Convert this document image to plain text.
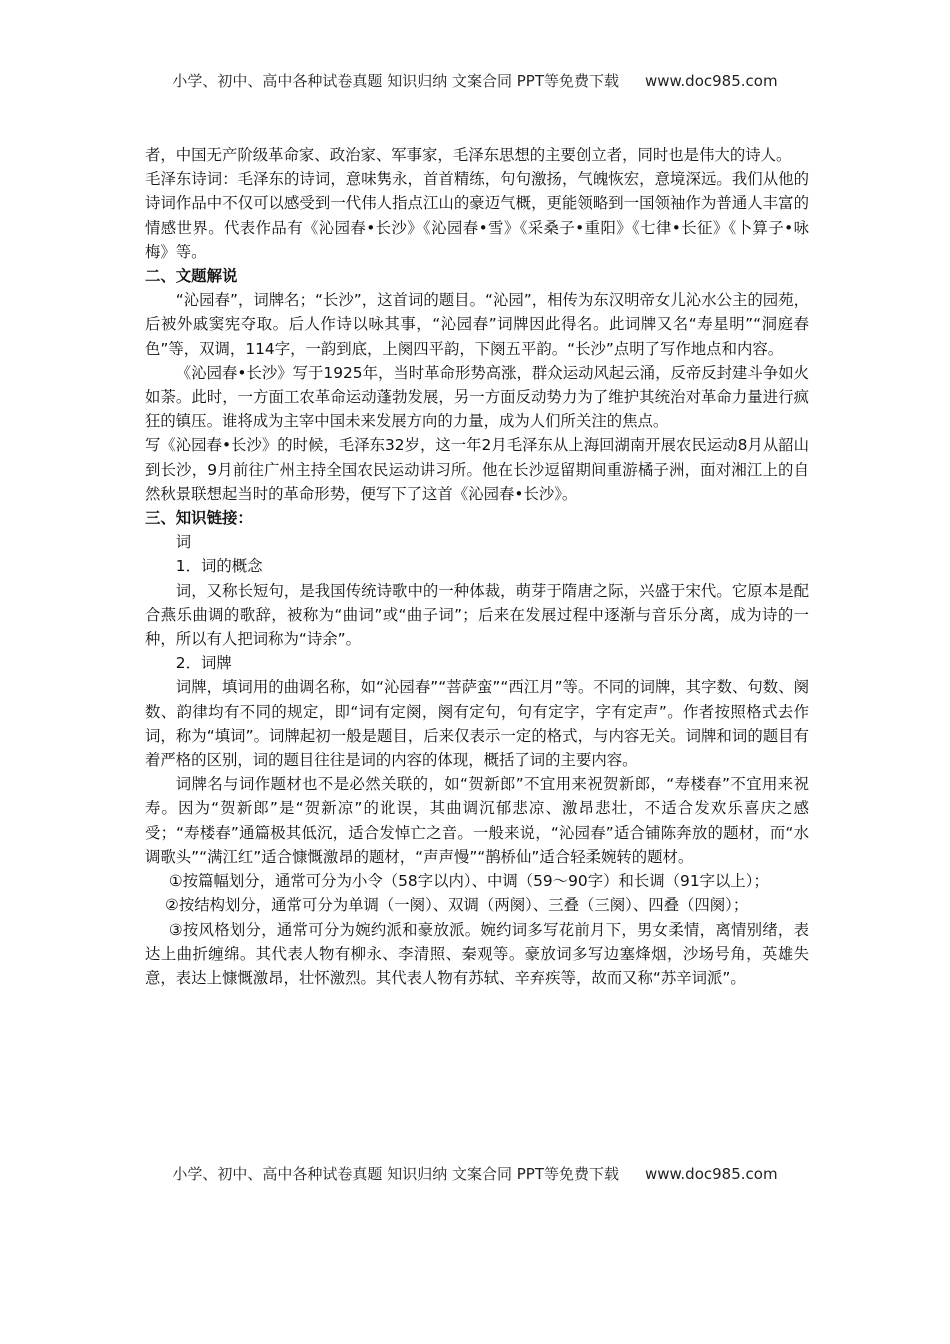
小学、初中、高中各种试卷真题 知识归纳 文案合同 PPT等免费下载 www.doc985.com

者，中国无产阶级革命家、政治家、军事家，毛泽东思想的主要创立者，同时也是伟大的诗人。

毛泽东诗词：毛泽东的诗词，意味隽永，首首精练，句句激扬，气魄恢宏，意境深远。我们从他的诗词作品中不仅可以感受到一代伟人指点江山的豪迈气概，更能领略到一国领袖作为普通人丰富的情感世界。代表作品有《沁园春•长沙》《沁园春•雪》《采桑子•重阳》《七律•长征》《卜算子•咏梅》等。

二、文题解说

“沁园春”，词牌名；“长沙”，这首词的题目。“沁园”，相传为东汉明帝女儿沁水公主的园苑，后被外戚窦宪夺取。后人作诗以咏其事，“沁园春”词牌因此得名。此词牌又名“寿星明”“洞庭春色”等，双调，114字，一韵到底，上阕四平韵，下阕五平韵。“长沙”点明了写作地点和内容。

《沁园春•长沙》写于1925年，当时革命形势高涨，群众运动风起云涌，反帝反封建斗争如火如荼。此时，一方面工农革命运动蓬勃发展，另一方面反动势力为了维护其统治对革命力量进行疯狂的镇压。谁将成为主宰中国未来发展方向的力量，成为人们所关注的焦点。

写《沁园春•长沙》的时候，毛泽东32岁，这一年2月毛泽东从上海回湖南开展农民运动8月从韶山到长沙，9月前往广州主持全国农民运动讲习所。他在长沙逗留期间重游橘子洲，面对湘江上的自然秋景联想起当时的革命形势，便写下了这首《沁园春•长沙》。

三、知识链接：

词

1．词的概念

词，又称长短句，是我国传统诗歌中的一种体裁，萌芽于隋唐之际，兴盛于宋代。它原本是配合燕乐曲调的歌辞，被称为“曲词”或“曲子词”；后来在发展过程中逐渐与音乐分离，成为诗的一种，所以有人把词称为“诗余”。

2．词牌

词牌，填词用的曲调名称，如“沁园春”“菩萨蛮”“西江月”等。不同的词牌，其字数、句数、阕数、韵律均有不同的规定，即“词有定阕，阕有定句，句有定字，字有定声”。作者按照格式去作词，称为“填词”。词牌起初一般是题目，后来仅表示一定的格式，与内容无关。词牌和词的题目有着严格的区别，词的题目往往是词的内容的体现，概括了词的主要内容。

词牌名与词作题材也不是必然关联的，如“贺新郎”不宜用来祝贺新郎，“寿楼春”不宜用来祝寿。因为“贺新郎”是“贺新凉”的讹误，其曲调沉郁悲凉、激昂悲壮，不适合发欢乐喜庆之感受；“寿楼春”通篇极其低沉，适合发悼亡之音。一般来说，“沁园春”适合铺陈奔放的题材，而“水调歌头”“满江红”适合慷慨激昂的题材，“声声慢”“鹊桥仙”适合轻柔婉转的题材。

①按篇幅划分，通常可分为小令（58字以内）、中调（59～90字）和长调（91字以上）；

②按结构划分，通常可分为单调（一阕）、双调（两阕）、三叠（三阕）、四叠（四阕）；

③按风格划分，通常可分为婉约派和豪放派。婉约词多写花前月下，男女柔情，离情别绪，表达上曲折缠绵。其代表人物有柳永、李清照、秦观等。豪放词多写边塞烽烟，沙场号角，英雄失意，表达上慷慨激昂，壮怀激烈。其代表人物有苏轼、辛弃疾等，故而又称“苏辛词派”。

小学、初中、高中各种试卷真题 知识归纳 文案合同 PPT等免费下载 www.doc985.com
